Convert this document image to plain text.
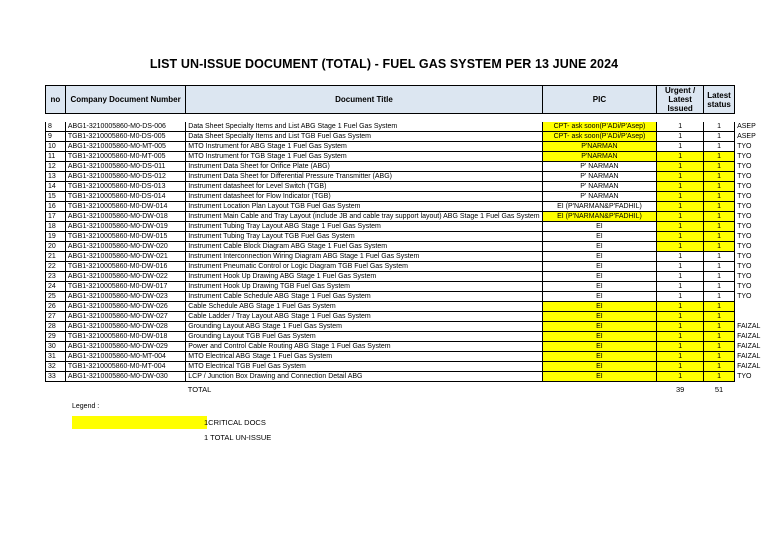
LIST UN-ISSUE DOCUMENT (TOTAL) - FUEL GAS SYSTEM PER 13 JUNE 2024
no	Company Document Number	Document Title	PIC	Urgent / Latest Issued	Latest status	

8	ABG1-3210005860-M0-DS-006	Data Sheet Specialty Items and List ABG Stage 1 Fuel Gas System	CPT- ask soon(P'ADi/P'Asep)	1	1	ASEP
9	TGB1-3210005860-M0-DS-005	Data Sheet Specialty Items and List TGB Fuel Gas System	CPT- ask soon(P'ADi/P'Asep)	1	1	ASEP
10	ABG1-3210005860-M0-MT-005	MTO Instrument for ABG Stage 1 Fuel Gas System	P'NARMAN	1	1	TYO
11	TGB1-3210005860-M0-MT-005	MTO Instrument for TGB Stage 1 Fuel Gas System	P'NARMAN	1	1	TYO
12	ABG1-3210005860-M0-DS-011	Instrument Data Sheet for Orifice Plate (ABG)	P' NARMAN	1	1	TYO
13	ABG1-3210005860-M0-DS-012	Instrument Data Sheet for Differential Pressure Transmitter (ABG)	P' NARMAN	1	1	TYO
14	TGB1-3210005860-M0-DS-013	Instrument datasheet for Level Switch (TGB)	P' NARMAN	1	1	TYO
15	TGB1-3210005860-M0-DS-014	Instrument datasheet for Flow Indicator (TGB)	P' NARMAN	1	1	TYO
16	TGB1-3210005860-M0-DW-014	Instrument Location Plan Layout TGB Fuel Gas System	EI (P'NARMAN&P'FADHIL)	1	1	TYO
17	ABG1-3210005860-M0-DW-018	Instrument Main Cable and Tray Layout (include JB and cable tray support layout) ABG Stage 1 Fuel Gas System	EI (P'NARMAN&P'FADHIL)	1	1	TYO
18	ABG1-3210005860-M0-DW-019	Instrument Tubing Tray Layout ABG Stage 1 Fuel Gas System	EI	1	1	TYO
19	TGB1-3210005860-M0-DW-015	Instrument Tubing Tray Layout TGB Fuel Gas System	EI	1	1	TYO
20	ABG1-3210005860-M0-DW-020	Instrument Cable Block Diagram ABG Stage 1 Fuel Gas System	EI	1	1	TYO
21	ABG1-3210005860-M0-DW-021	Instrument Interconnection Wiring Diagram ABG Stage 1 Fuel Gas System	EI	1	1	TYO
22	TGB1-3210005860-M0-DW-016	Instrument Pneumatic Control or Logic Diagram TGB Fuel Gas System	EI	1	1	TYO
23	ABG1-3210005860-M0-DW-022	Instrument Hook Up Drawing ABG Stage 1 Fuel Gas System	EI	1	1	TYO
24	TGB1-3210005860-M0-DW-017	Instrument Hook Up Drawing TGB Fuel Gas System	EI	1	1	TYO
25	ABG1-3210005860-M0-DW-023	Instrument Cable Schedule ABG Stage 1 Fuel Gas System	EI	1	1	TYO
26	ABG1-3210005860-M0-DW-026	Cable Schedule ABG Stage 1 Fuel Gas System	EI	1	1	
27	ABG1-3210005860-M0-DW-027	Cable Ladder / Tray Layout ABG Stage 1 Fuel Gas System	EI	1	1	
28	ABG1-3210005860-M0-DW-028	Grounding Layout ABG Stage 1 Fuel Gas System	EI	1	1	FAIZAL
29	TGB1-3210005860-M0-DW-018	Grounding Layout TGB Fuel Gas System	EI	1	1	FAIZAL
30	ABG1-3210005860-M0-DW-029	Power and Control Cable Routing ABG Stage 1 Fuel Gas System	EI	1	1	FAIZAL
31	ABG1-3210005860-M0-MT-004	MTO Electrical ABG Stage 1 Fuel Gas System	EI	1	1	FAIZAL
32	TGB1-3210005860-M0-MT-004	MTO Electrical TGB Fuel Gas System	EI	1	1	FAIZAL
33	ABG1-3210005860-M0-DW-030	LCP / Junction Box Drawing and Connection Detail ABG	EI	1	1	TYO
		TOTAL		39	51	
Legend :
1CRITICAL DOCS
1 TOTAL UN-ISSUE
